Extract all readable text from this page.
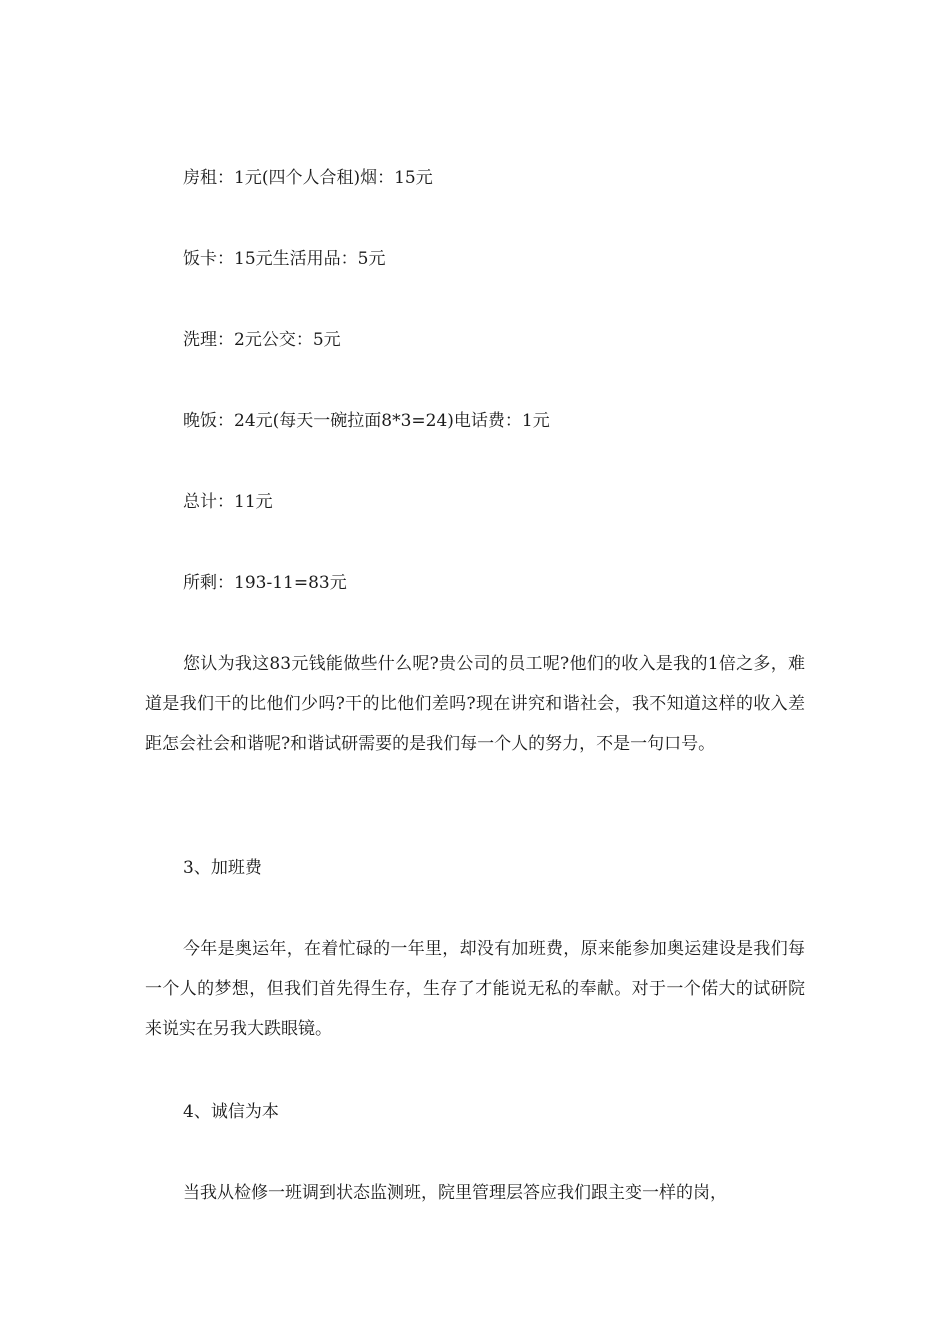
房租：1元(四个人合租)烟：15元
饭卡：15元生活用品：5元
洗理：2元公交：5元
晚饭：24元(每天一碗拉面8*3=24)电话费：1元
总计：11元
所剩：193-11=83元
您认为我这83元钱能做些什么呢?贵公司的员工呢?他们的收入是我的1倍之多，难道是我们干的比他们少吗?干的比他们差吗?现在讲究和谐社会，我不知道这样的收入差距怎会社会和谐呢?和谐试研需要的是我们每一个人的努力，不是一句口号。
3、加班费
今年是奥运年，在着忙碌的一年里，却没有加班费，原来能参加奥运建设是我们每一个人的梦想，但我们首先得生存，生存了才能说无私的奉献。对于一个偌大的试研院来说实在另我大跌眼镜。
4、诚信为本
当我从检修一班调到状态监测班，院里管理层答应我们跟主变一样的岗，
